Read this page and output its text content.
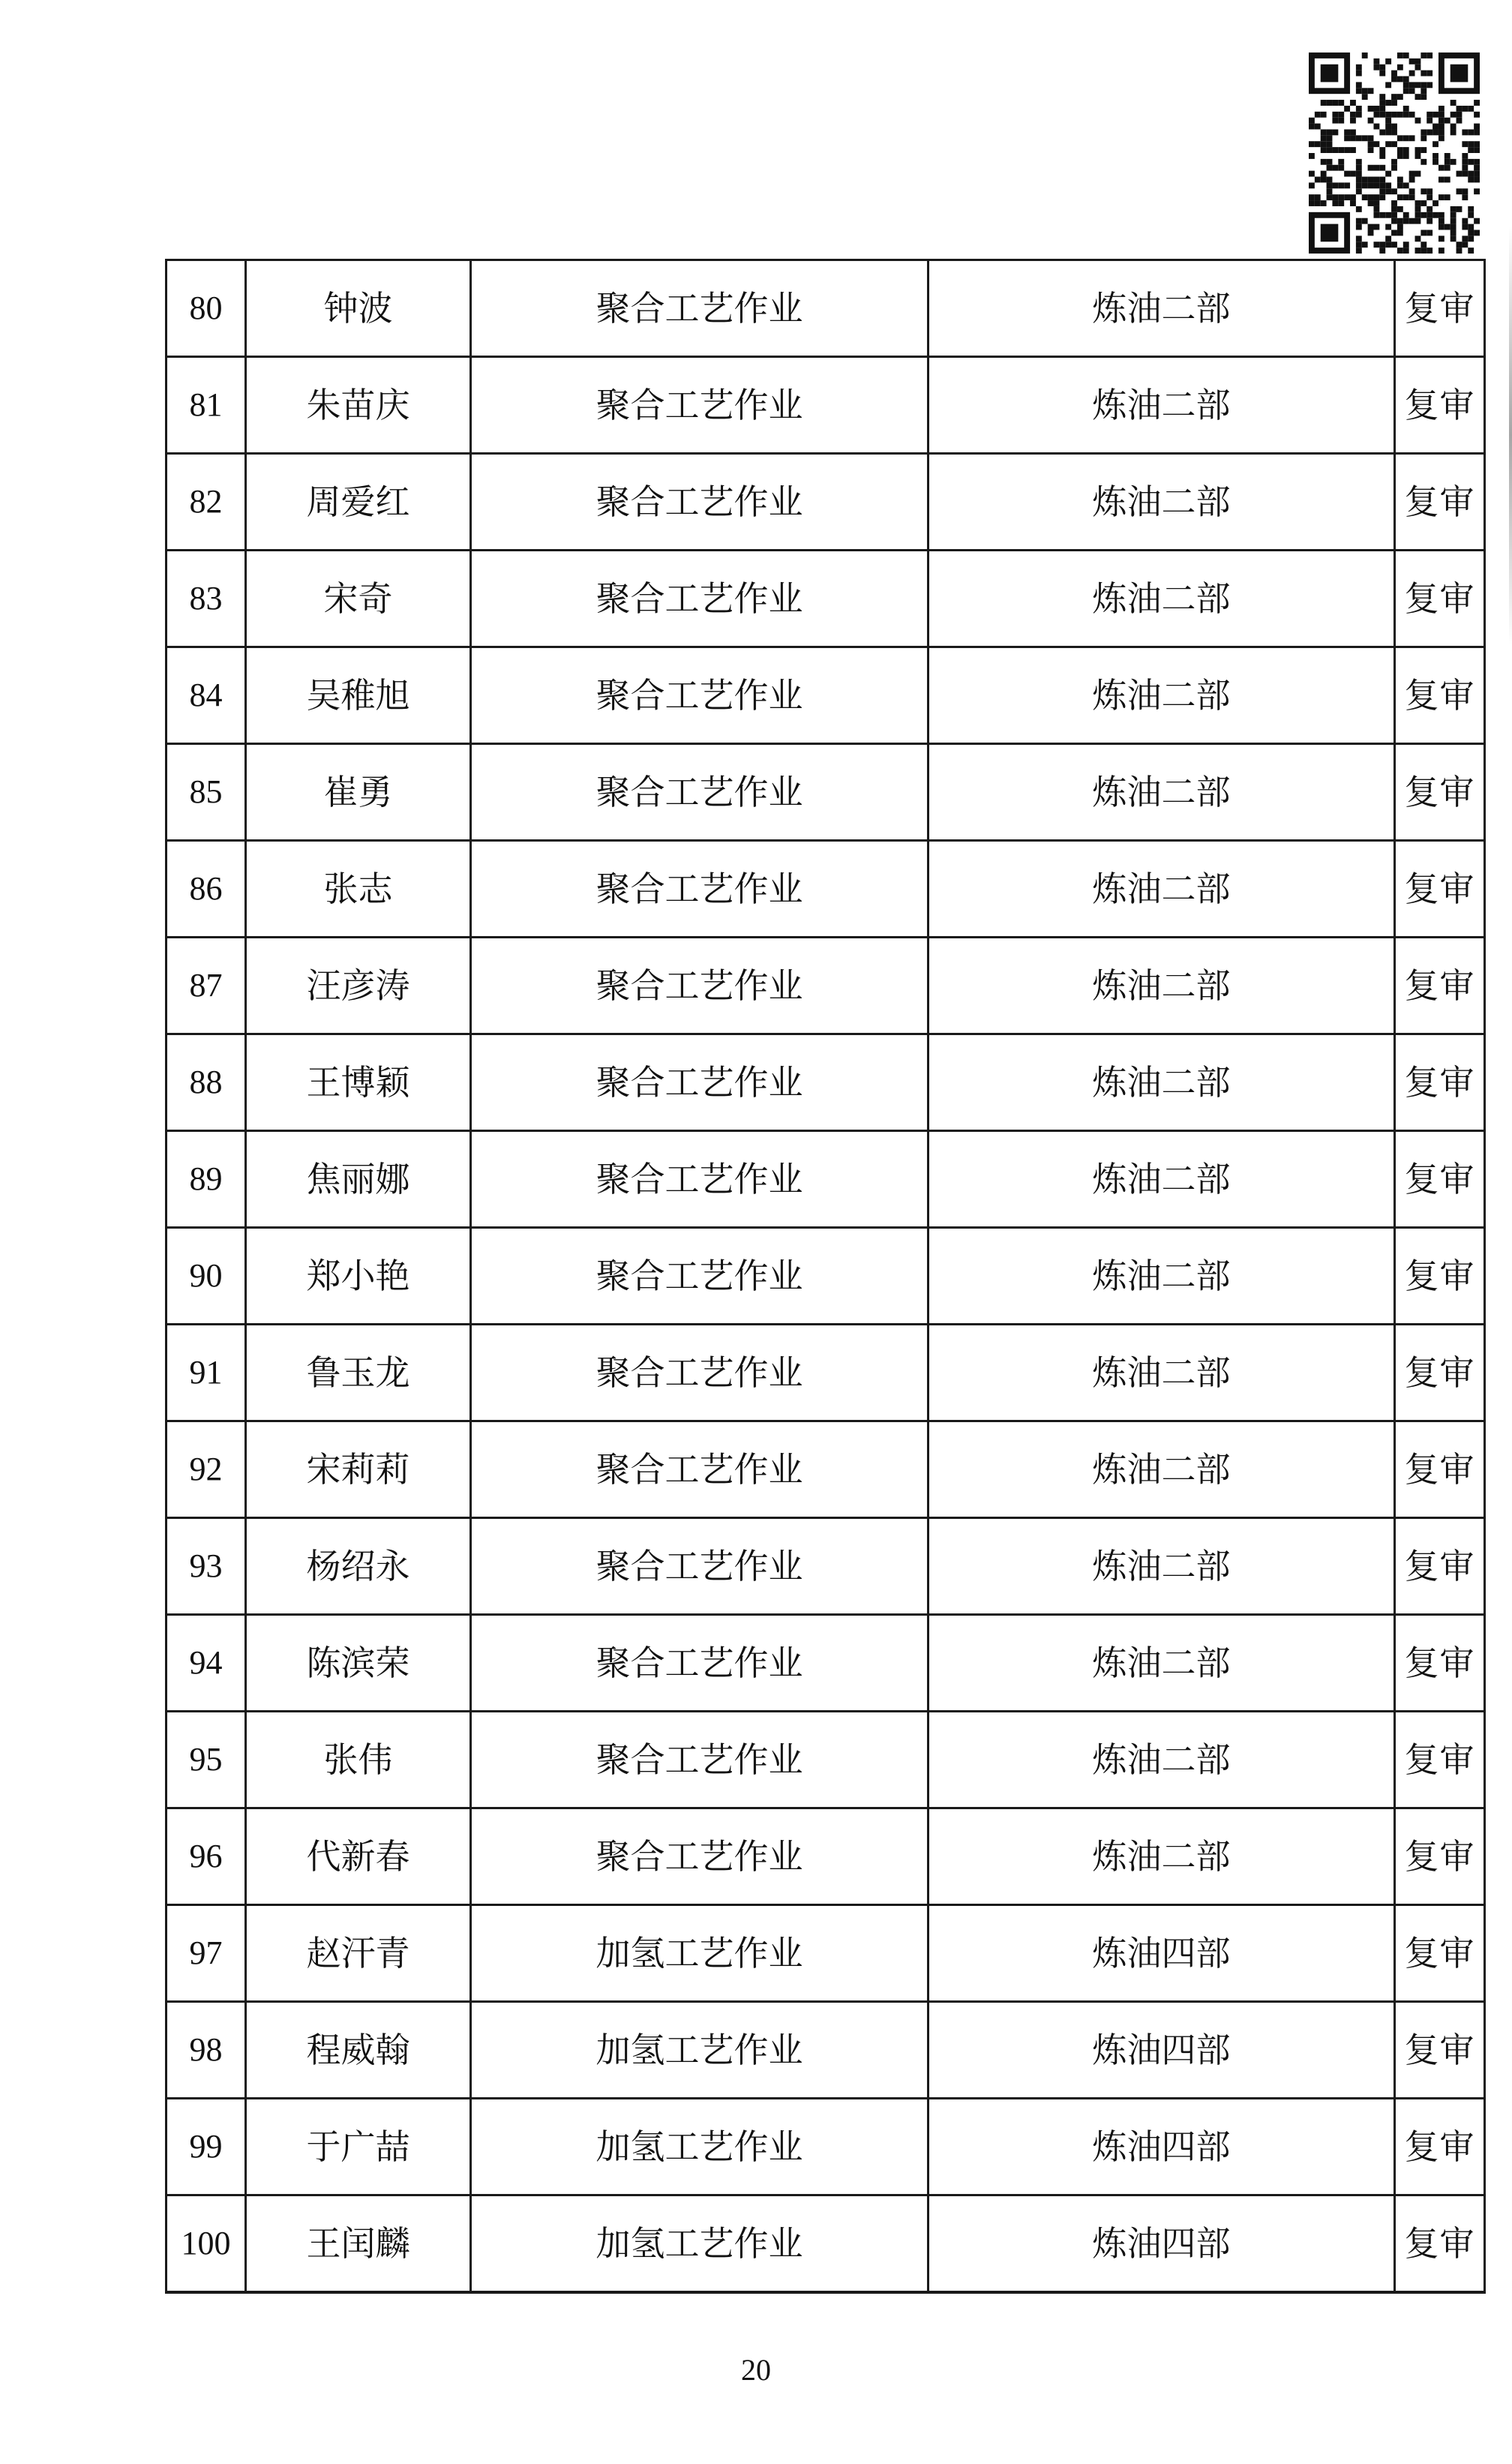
80	钟波	聚合工艺作业	炼油二部	复审
81	朱苗庆	聚合工艺作业	炼油二部	复审
82	周爱红	聚合工艺作业	炼油二部	复审
83	宋奇	聚合工艺作业	炼油二部	复审
84	吴稚旭	聚合工艺作业	炼油二部	复审
85	崔勇	聚合工艺作业	炼油二部	复审
86	张志	聚合工艺作业	炼油二部	复审
87	汪彦涛	聚合工艺作业	炼油二部	复审
88	王博颖	聚合工艺作业	炼油二部	复审
89	焦丽娜	聚合工艺作业	炼油二部	复审
90	郑小艳	聚合工艺作业	炼油二部	复审
91	鲁玉龙	聚合工艺作业	炼油二部	复审
92	宋莉莉	聚合工艺作业	炼油二部	复审
93	杨绍永	聚合工艺作业	炼油二部	复审
94	陈滨荣	聚合工艺作业	炼油二部	复审
95	张伟	聚合工艺作业	炼油二部	复审
96	代新春	聚合工艺作业	炼油二部	复审
97	赵汗青	加氢工艺作业	炼油四部	复审
98	程威翰	加氢工艺作业	炼油四部	复审
99	于广喆	加氢工艺作业	炼油四部	复审
100	王闰麟	加氢工艺作业	炼油四部	复审
20
